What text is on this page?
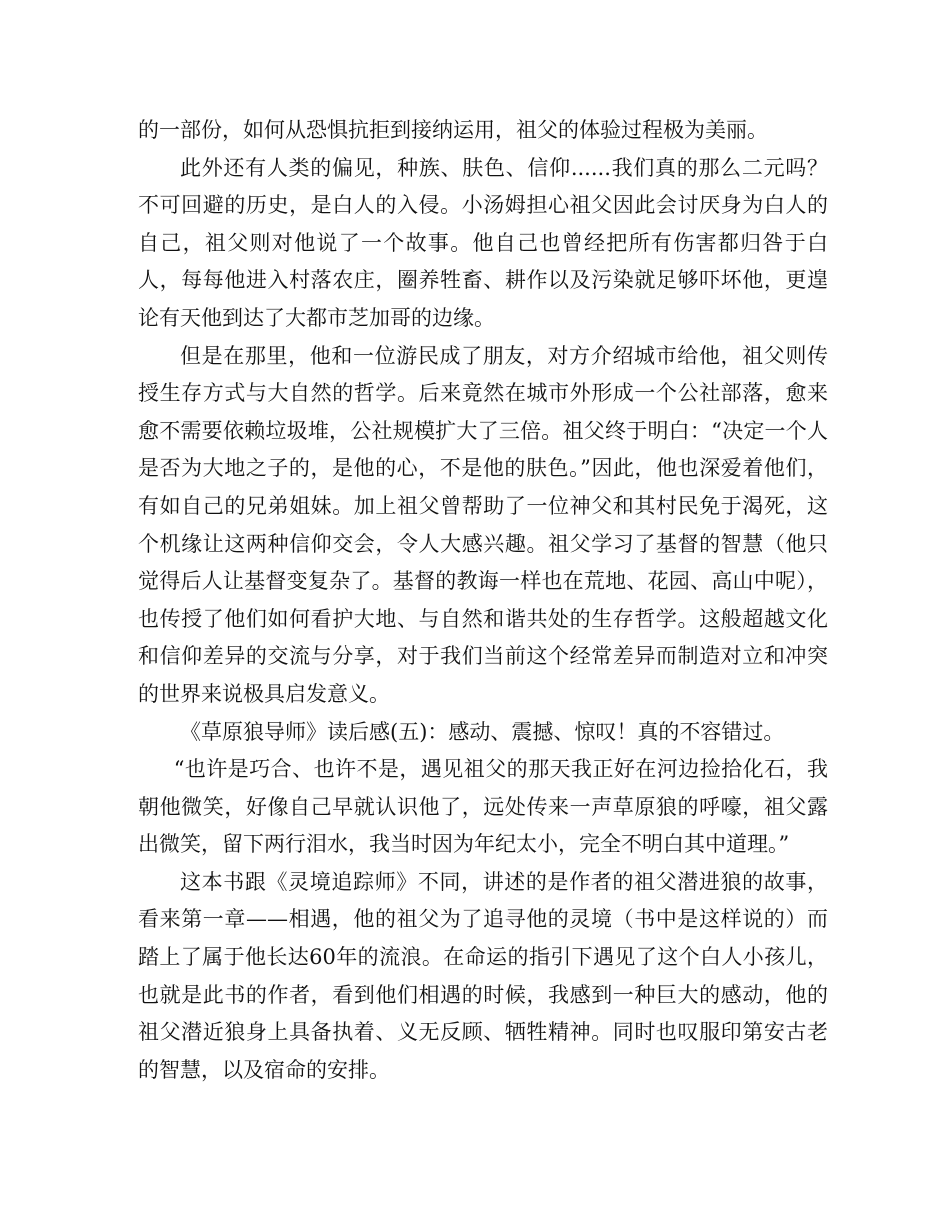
的一部份，如何从恐惧抗拒到接纳运用，祖父的体验过程极为美丽。

此外还有人类的偏见，种族、肤色、信仰......我们真的那么二元吗？　　不可回避的历史，是白人的入侵。小汤姆担心祖父因此会讨厌身为白人的自己，祖父则对他说了一个故事。他自己也曾经把所有伤害都归咎于白人，每每他进入村落农庄，圈养牲畜、耕作以及污染就足够吓坏他，更遑论有天他到达了大都市芝加哥的边缘。

但是在那里，他和一位游民成了朋友，对方介绍城市给他，祖父则传授生存方式与大自然的哲学。后来竟然在城市外形成一个公社部落，愈来愈不需要依赖垃圾堆，公社规模扩大了三倍。祖父终于明白：“决定一个人是否为大地之子的，是他的心，不是他的肤色。”因此，他也深爱着他们，有如自己的兄弟姐妹。加上祖父曾帮助了一位神父和其村民免于渴死，这个机缘让这两种信仰交会，令人大感兴趣。祖父学习了基督的智慧（他只觉得后人让基督变复杂了。基督的教诲一样也在荒地、花园、高山中呢），也传授了他们如何看护大地、与自然和谐共处的生存哲学。这般超越文化和信仰差异的交流与分享，对于我们当前这个经常差异而制造对立和冲突的世界来说极具启发意义。

《草原狼导师》读后感(五)：感动、震撼、惊叹！真的不容错过。

“也许是巧合、也许不是，遇见祖父的那天我正好在河边捡拾化石，我朝他微笑，好像自己早就认识他了，远处传来一声草原狼的呼嚎，祖父露出微笑，留下两行泪水，我当时因为年纪太小，完全不明白其中道理。”

这本书跟《灵境追踪师》不同，讲述的是作者的祖父潜进狼的故事，看来第一章——相遇，他的祖父为了追寻他的灵境（书中是这样说的）而踏上了属于他长达60年的流浪。在命运的指引下遇见了这个白人小孩儿，也就是此书的作者，看到他们相遇的时候，我感到一种巨大的感动，他的祖父潜近狼身上具备执着、义无反顾、牺牲精神。同时也叹服印第安古老的智慧，以及宿命的安排。
